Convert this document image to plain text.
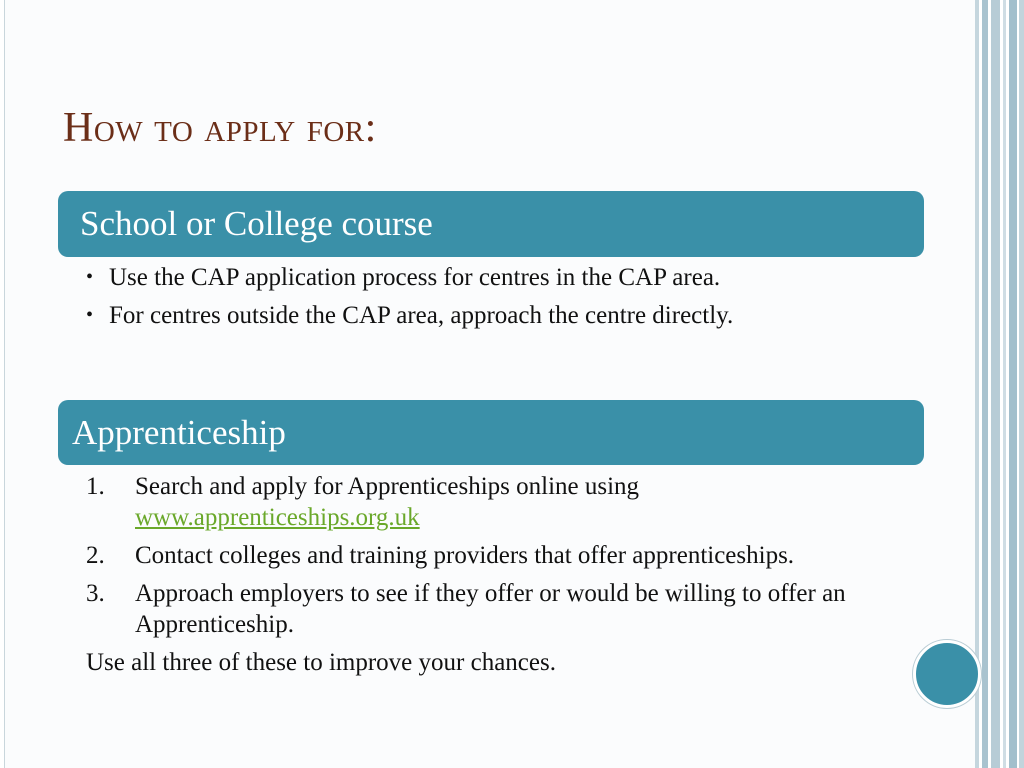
How to apply for:
School or College course
• Use the CAP application process for centres in the CAP area.
• For centres outside the CAP area, approach the centre directly.
Apprenticeship
1. Search and apply for Apprenticeships online using
www.apprenticeships.org.uk
2. Contact colleges and training providers that offer apprenticeships.
3. Approach employers to see if they offer or would be willing to offer an Apprenticeship.
Use all three of these to improve your chances.
